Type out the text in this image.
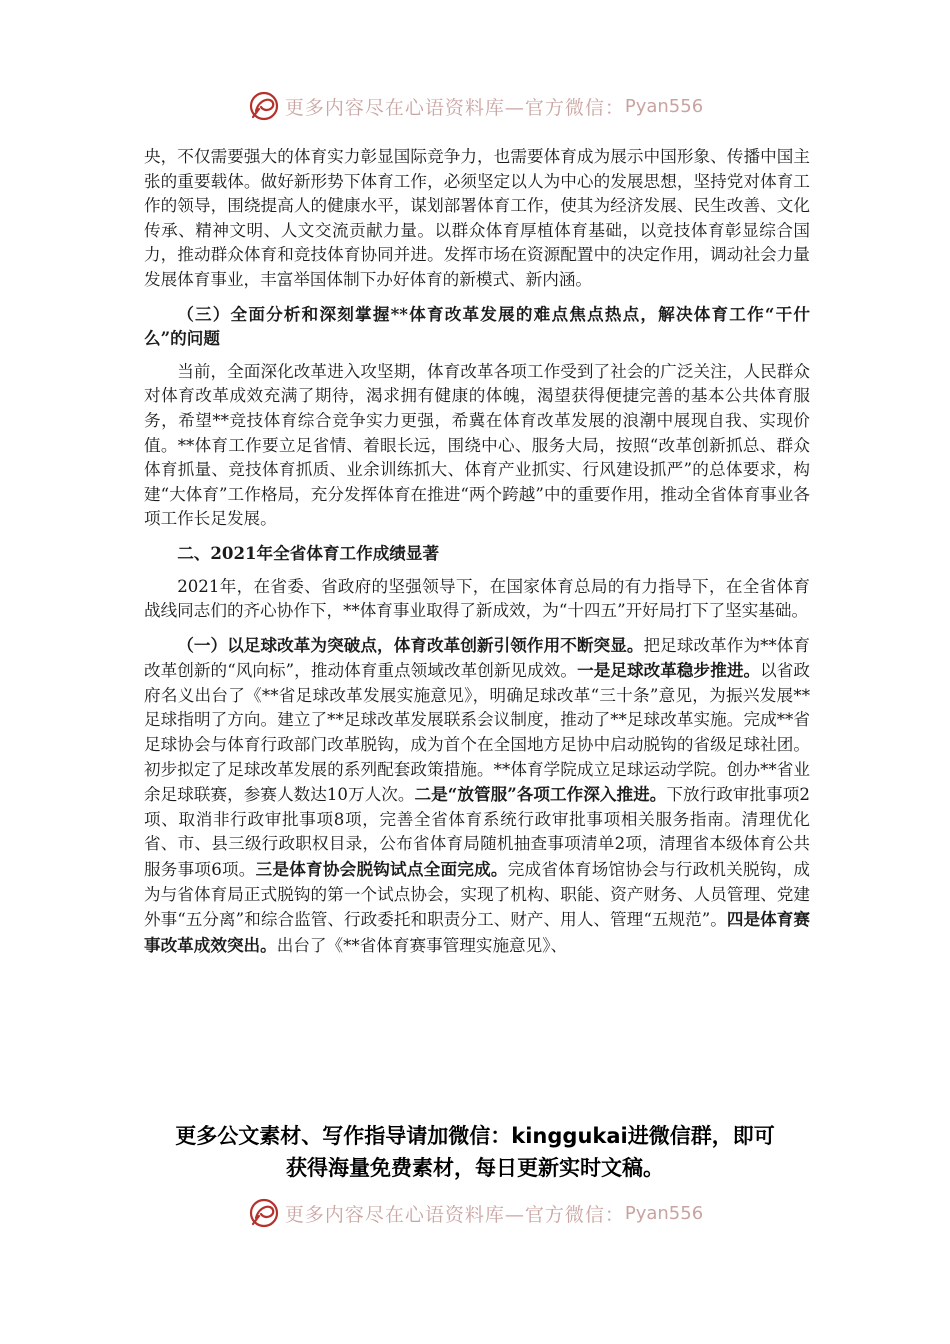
更多内容尽在心语资料库—官方微信： Pyan556

央，不仅需要强大的体育实力彰显国际竞争力，也需要体育成为展示中国形象、传播中国主张的重要载体。做好新形势下体育工作，必须坚定以人为中心的发展思想，坚持党对体育工作的领导，围绕提高人的健康水平，谋划部署体育工作，使其为经济发展、民生改善、文化传承、精神文明、人文交流贡献力量。以群众体育厚植体育基础，以竞技体育彰显综合国力，推动群众体育和竞技体育协同并进。发挥市场在资源配置中的决定作用，调动社会力量发展体育事业，丰富举国体制下办好体育的新模式、新内涵。

（三）全面分析和深刻掌握**体育改革发展的难点焦点热点，解决体育工作“干什么”的问题

当前，全面深化改革进入攻坚期，体育改革各项工作受到了社会的广泛关注，人民群众对体育改革成效充满了期待，渴求拥有健康的体魄，渴望获得便捷完善的基本公共体育服务，希望**竞技体育综合竞争实力更强，希冀在体育改革发展的浪潮中展现自我、实现价值。**体育工作要立足省情、着眼长远，围绕中心、服务大局，按照“改革创新抓总、群众体育抓量、竞技体育抓质、业余训练抓大、体育产业抓实、行风建设抓严”的总体要求，构建“大体育”工作格局，充分发挥体育在推进“两个跨越”中的重要作用，推动全省体育事业各项工作长足发展。

二、2021年全省体育工作成绩显著

2021年，在省委、省政府的坚强领导下，在国家体育总局的有力指导下，在全省体育战线同志们的齐心协作下，**体育事业取得了新成效，为“十四五”开好局打下了坚实基础。

（一）以足球改革为突破点，体育改革创新引领作用不断突显。把足球改革作为**体育改革创新的“风向标”，推动体育重点领域改革创新见成效。一是足球改革稳步推进。以省政府名义出台了《**省足球改革发展实施意见》，明确足球改革“三十条”意见，为振兴发展**足球指明了方向。建立了**足球改革发展联系会议制度，推动了**足球改革实施。完成**省足球协会与体育行政部门改革脱钩，成为首个在全国地方足协中启动脱钩的省级足球社团。初步拟定了足球改革发展的系列配套政策措施。**体育学院成立足球运动学院。创办**省业余足球联赛，参赛人数达10万人次。二是“放管服”各项工作深入推进。下放行政审批事项2项、取消非行政审批事项8项，完善全省体育系统行政审批事项相关服务指南。清理优化省、市、县三级行政职权目录，公布省体育局随机抽查事项清单2项，清理省本级体育公共服务事项6项。三是体育协会脱钩试点全面完成。完成省体育场馆协会与行政机关脱钩，成为与省体育局正式脱钩的第一个试点协会，实现了机构、职能、资产财务、人员管理、党建外事“五分离”和综合监管、行政委托和职责分工、财产、用人、管理“五规范”。四是体育赛事改革成效突出。出台了《**省体育赛事管理实施意见》、

更多公文素材、写作指导请加微信：kinggukai进微信群，即可
获得海量免费素材，每日更新实时文稿。
更多内容尽在心语资料库—官方微信： Pyan556
